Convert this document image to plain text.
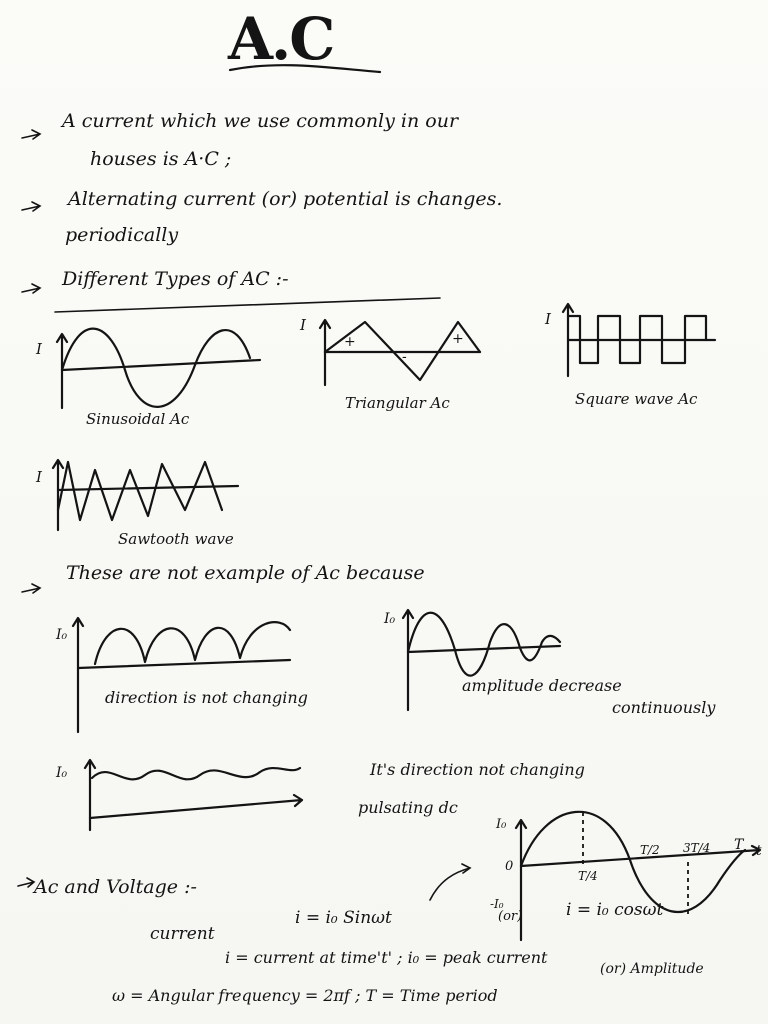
A.C
A current which we use commonly in our
houses is A·C ;
Alternating current (or) potential is changes.
periodically
Different Types of AC :-
I
I	I
I
+	+
-
Sinusoidal Ac
Triangular Ac	Square wave Ac
Sawtooth wave
These are not example of Ac because
I₀
I₀
I₀
direction is not changing
amplitude decrease
continuously
It's direction not changing
pulsating dc
I₀
0
-I₀
T/4
T/2 3T/4 T t
Ac and Voltage :-
current
i = i₀ Sinωt	(or)	i = i₀ cosωt
i = current at time't' ; i₀ = peak current
(or) Amplitude
ω = Angular frequency = 2πf ; T = Time period
